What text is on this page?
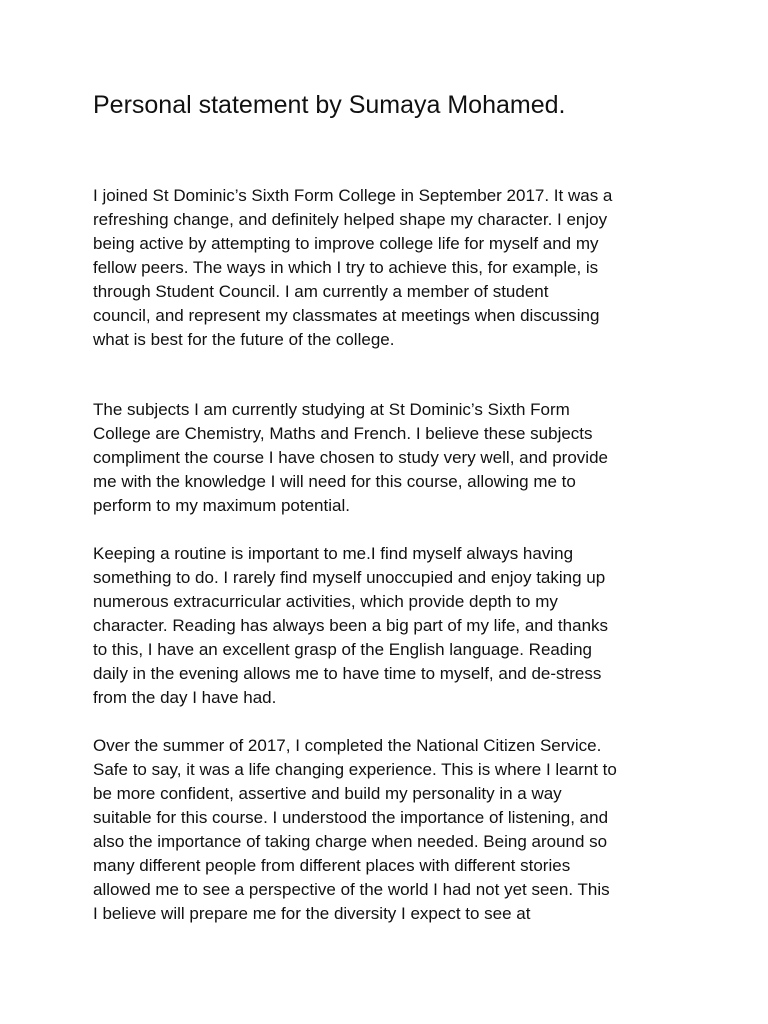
Personal statement by Sumaya Mohamed.
I joined St Dominic’s Sixth Form College in September 2017. It was a
refreshing change, and definitely helped shape my character. I enjoy
being active by attempting to improve college life for myself and my
fellow peers. The ways in which I try to achieve this, for example, is
through Student Council. I am currently a member of student
council, and represent my classmates at meetings when discussing
what is best for the future of the college.
The subjects I am currently studying at St Dominic’s Sixth Form
College are Chemistry, Maths and French. I believe these subjects
compliment the course I have chosen to study very well, and provide
me with the knowledge I will need for this course, allowing me to
perform to my maximum potential.
Keeping a routine is important to me.I find myself always having
something to do. I rarely find myself unoccupied and enjoy taking up
numerous extracurricular activities, which provide depth to my
character. Reading has always been a big part of my life, and thanks
to this, I have an excellent grasp of the English language. Reading
daily in the evening allows me to have time to myself, and de-stress
from the day I have had.
Over the summer of 2017, I completed the National Citizen Service.
Safe to say, it was a life changing experience. This is where I learnt to
be more confident, assertive and build my personality in a way
suitable for this course. I understood the importance of listening, and
also the importance of taking charge when needed. Being around so
many different people from different places with different stories
allowed me to see a perspective of the world I had not yet seen. This
I believe will prepare me for the diversity I expect to see at
